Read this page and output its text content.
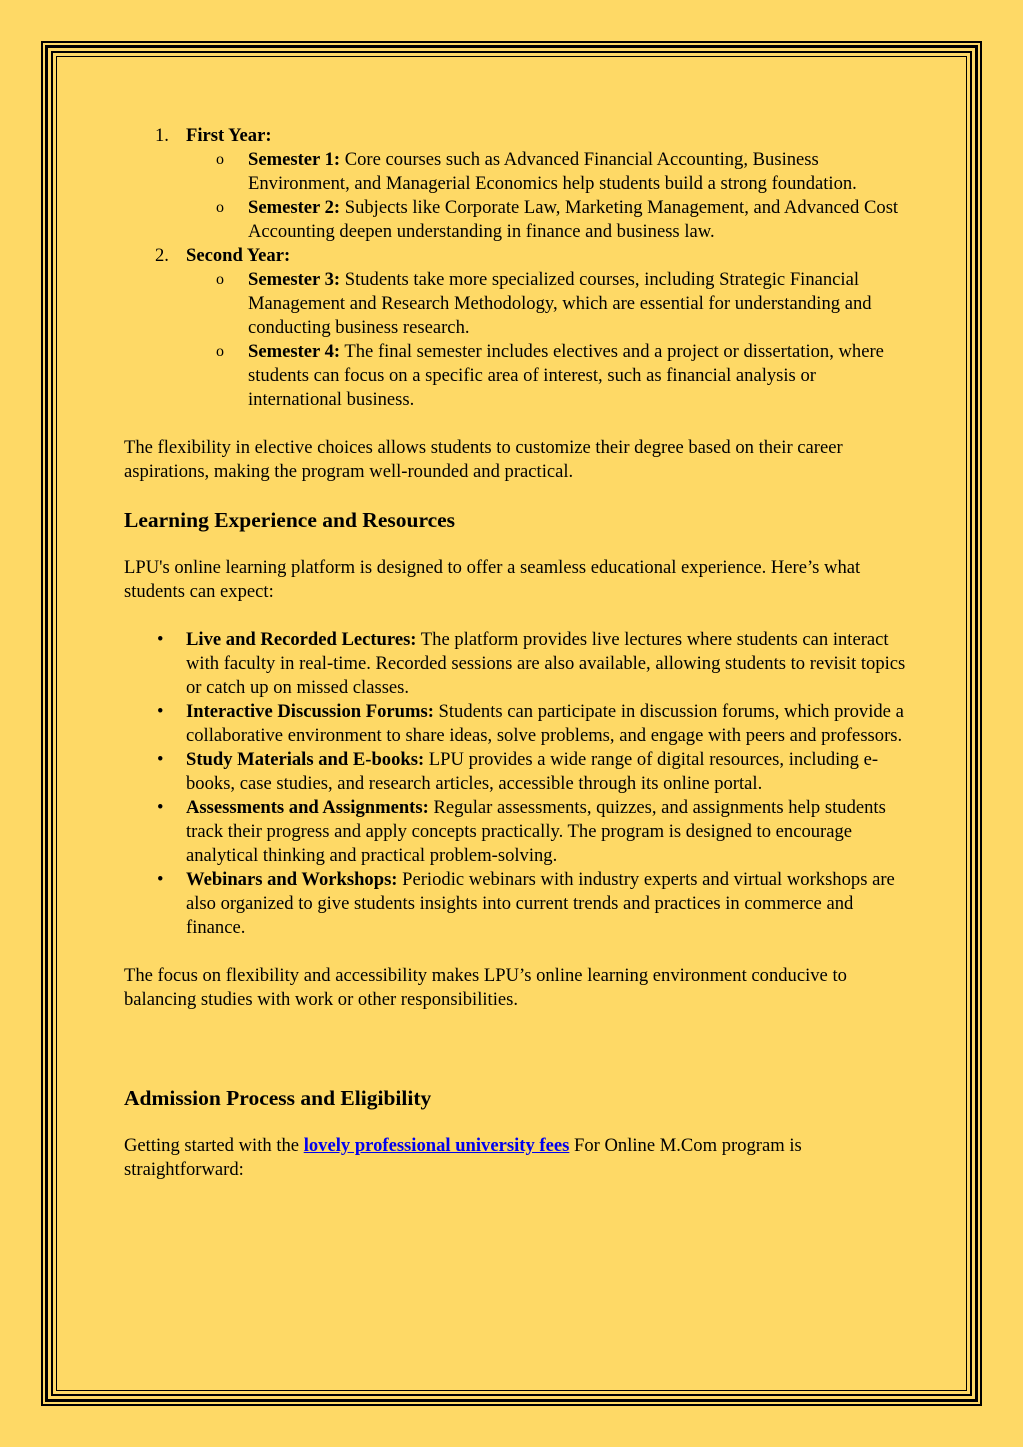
1. First Year:
o Semester 1: Core courses such as Advanced Financial Accounting, Business Environment, and Managerial Economics help students build a strong foundation.
o Semester 2: Subjects like Corporate Law, Marketing Management, and Advanced Cost Accounting deepen understanding in finance and business law.
2. Second Year:
o Semester 3: Students take more specialized courses, including Strategic Financial Management and Research Methodology, which are essential for understanding and conducting business research.
o Semester 4: The final semester includes electives and a project or dissertation, where students can focus on a specific area of interest, such as financial analysis or international business.

The flexibility in elective choices allows students to customize their degree based on their career aspirations, making the program well-rounded and practical.

Learning Experience and Resources

LPU's online learning platform is designed to offer a seamless educational experience. Here’s what students can expect:

• Live and Recorded Lectures: The platform provides live lectures where students can interact with faculty in real-time. Recorded sessions are also available, allowing students to revisit topics or catch up on missed classes.
• Interactive Discussion Forums: Students can participate in discussion forums, which provide a collaborative environment to share ideas, solve problems, and engage with peers and professors.
• Study Materials and E-books: LPU provides a wide range of digital resources, including e-books, case studies, and research articles, accessible through its online portal.
• Assessments and Assignments: Regular assessments, quizzes, and assignments help students track their progress and apply concepts practically. The program is designed to encourage analytical thinking and practical problem-solving.
• Webinars and Workshops: Periodic webinars with industry experts and virtual workshops are also organized to give students insights into current trends and practices in commerce and finance.

The focus on flexibility and accessibility makes LPU’s online learning environment conducive to balancing studies with work or other responsibilities.

Admission Process and Eligibility

Getting started with the lovely professional university fees For Online M.Com program is straightforward:
